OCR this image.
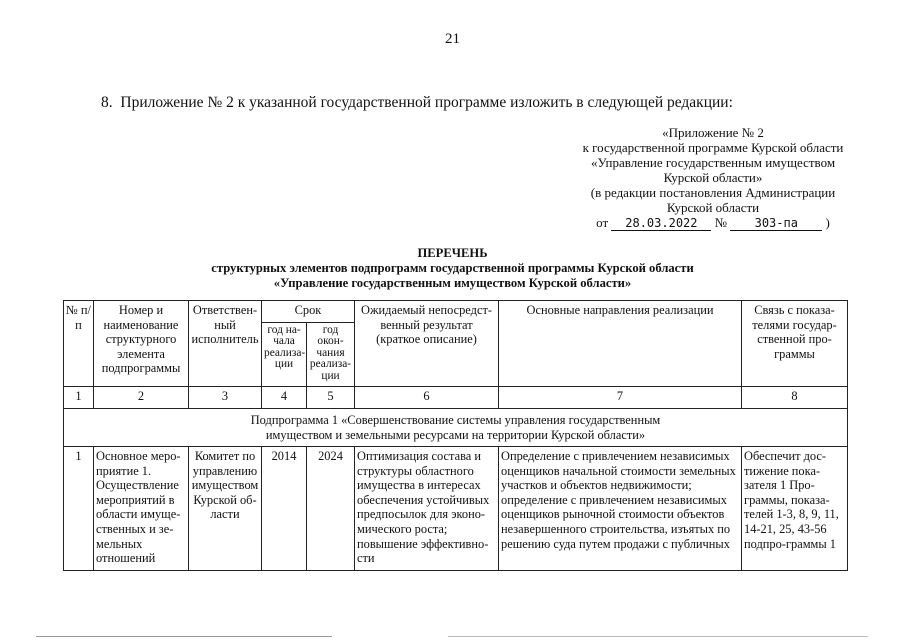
21
8. Приложение № 2 к указанной государственной программе изложить в следующей редакции:
«Приложение № 2
к государственной программе Курской области
«Управление государственным имуществом
Курской области»
(в редакции постановления Администрации
Курской области
от 28.03.2022 № 303-па )
ПЕРЕЧЕНЬ
структурных элементов подпрограмм государственной программы Курской области
«Управление государственным имуществом Курской области»
№ п/п	Номер и наименование структурного элемента подпрограммы	Ответствен-ный исполнитель	Срок		Ожидаемый непосредст-венный результат (краткое описание)	Основные направления реализации	Связь с показа-телями государ-ственной про-граммы
			год на-чала реализа-ции	год окон-чания реализа-ции			
1	2	3	4	5	6	7	8

Подпрограмма 1 «Совершенствование системы управления государственным
имуществом и земельными ресурсами на территории Курской области»							

1	Основное меро-приятие 1. Осуществление мероприятий в области имуще-ственных и зе-мельных отношений	Комитет по управлению имуществом Курской об-ласти	2014	2024	Оптимизация состава и структуры областного имущества в интересах обеспечения устойчивых предпосылок для эконо-мического роста; повышение эффективно-сти	Определение с привлечением независимых оценщиков начальной стоимости земельных участков и объектов недвижимости; определение с привлечением независимых оценщиков рыночной стоимости объектов незавершенного строительства, изъятых по решению суда путем продажи с публичных	Обеспечит дос-тижение пока-зателя 1 Про-граммы, показа-телей 1-3, 8, 9, 11, 14-21, 25, 43-56 подпро-граммы 1
